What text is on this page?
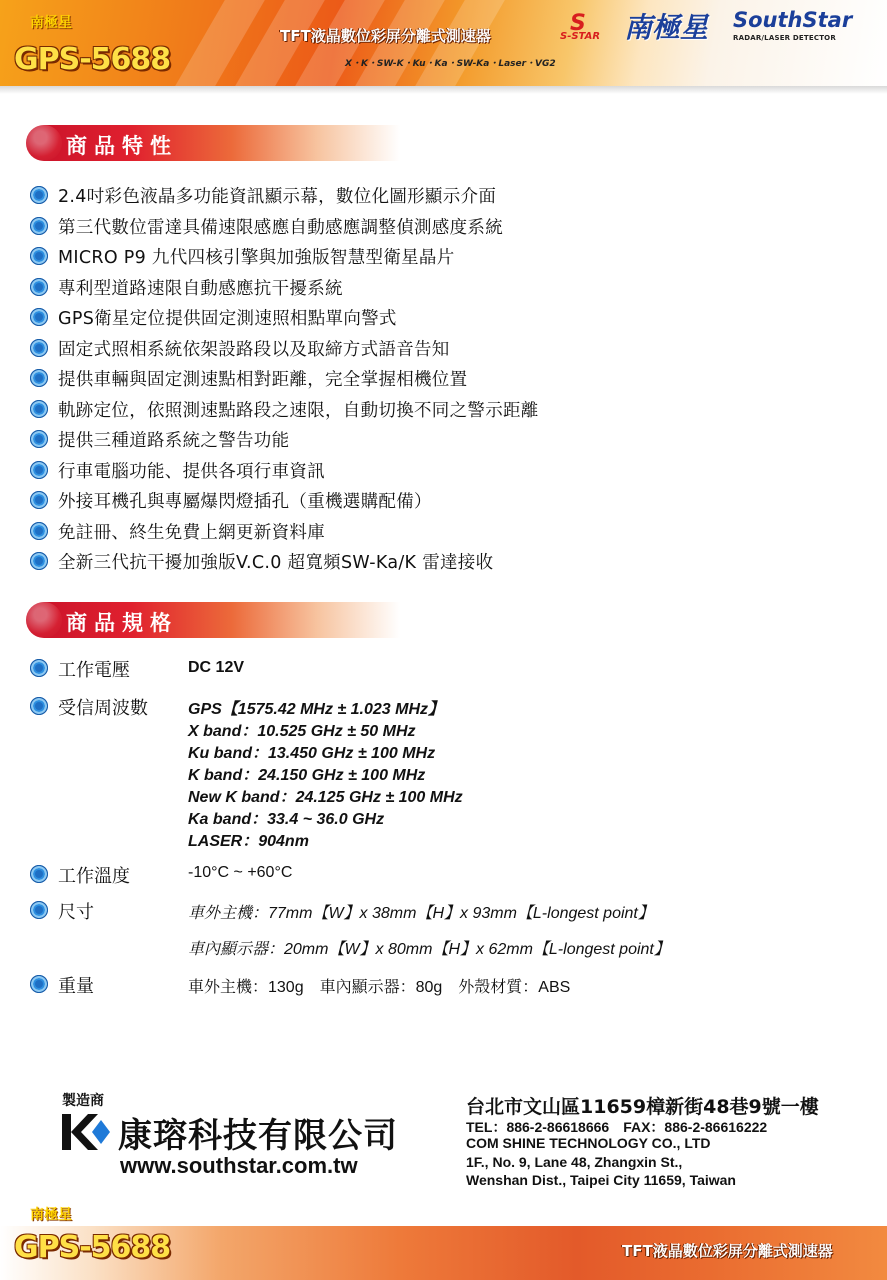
南極星
GPS-5688
TFT液晶數位彩屏分離式測速器
X・K・SW-K・Ku・Ka・SW-Ka・Laser・VG2
S
S-STAR 南極星 SouthStar
RADAR/LASER DETECTOR
商品特性
2.4吋彩色液晶多功能資訊顯示幕，數位化圖形顯示介面
第三代數位雷達具備速限感應自動感應調整偵測感度系統
MICRO P9 九代四核引擎與加強版智慧型衛星晶片
專利型道路速限自動感應抗干擾系統
GPS衛星定位提供固定測速照相點單向警式
固定式照相系統依架設路段以及取締方式語音告知
提供車輛與固定測速點相對距離，完全掌握相機位置
軌跡定位，依照測速點路段之速限，自動切換不同之警示距離
提供三種道路系統之警告功能
行車電腦功能、提供各項行車資訊
外接耳機孔與專屬爆閃燈插孔（重機選購配備）
免註冊、終生免費上網更新資料庫
全新三代抗干擾加強版V.C.0 超寬頻SW-Ka/K 雷達接收
商品規格
工作電壓	DC 12V
受信周波數	GPS【1575.42 MHz ± 1.023 MHz】
X band：10.525 GHz ± 50 MHz
Ku band：13.450 GHz ± 100 MHz
K band：24.150 GHz ± 100 MHz
New K band：24.125 GHz ± 100 MHz
Ka band：33.4 ~ 36.0 GHz
LASER：904nm
工作溫度	-10°C ~ +60°C
尺寸	車外主機：77mm【W】x 38mm【H】x 93mm【L-longest point】
車內顯示器：20mm【W】x 80mm【H】x 62mm【L-longest point】
重量	車外主機：130g　車內顯示器：80g　外殼材質：ABS
製造商
康瑢科技有限公司
www.southstar.com.tw
台北市文山區11659樟新街48巷9號一樓
TEL：886-2-86618666　FAX：886-2-86616222
COM SHINE TECHNOLOGY CO., LTD
1F., No. 9, Lane 48, Zhangxin St.,
Wenshan Dist., Taipei City 11659, Taiwan
南極星
GPS-5688	TFT液晶數位彩屏分離式測速器
